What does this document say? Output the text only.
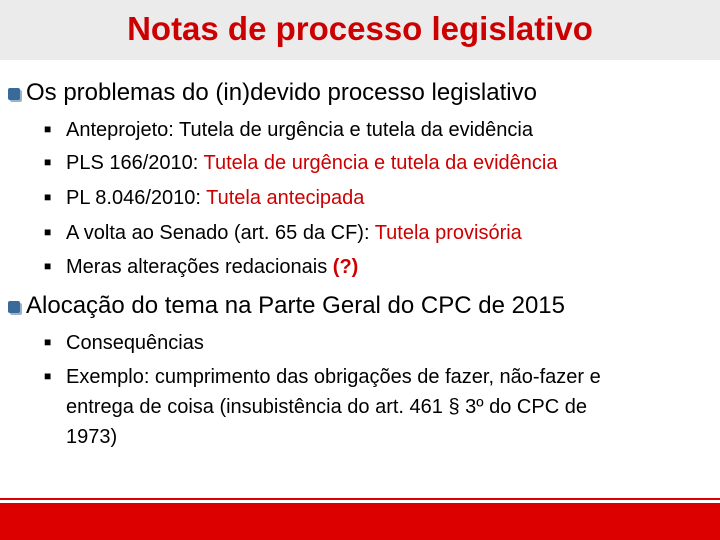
Notas de processo legislativo
Os problemas do (in)devido processo legislativo
■ Anteprojeto: Tutela de urgência e tutela da evidência
■ PLS 166/2010: Tutela de urgência e tutela da evidência
■ PL 8.046/2010: Tutela antecipada
■ A volta ao Senado (art. 65 da CF): Tutela provisória
■ Meras alterações redacionais (?)
Alocação do tema na Parte Geral do CPC de 2015
■ Consequências
■ Exemplo: cumprimento das obrigações de fazer, não-fazer e
entrega de coisa (insubistência do art. 461 § 3º do CPC de
1973)
